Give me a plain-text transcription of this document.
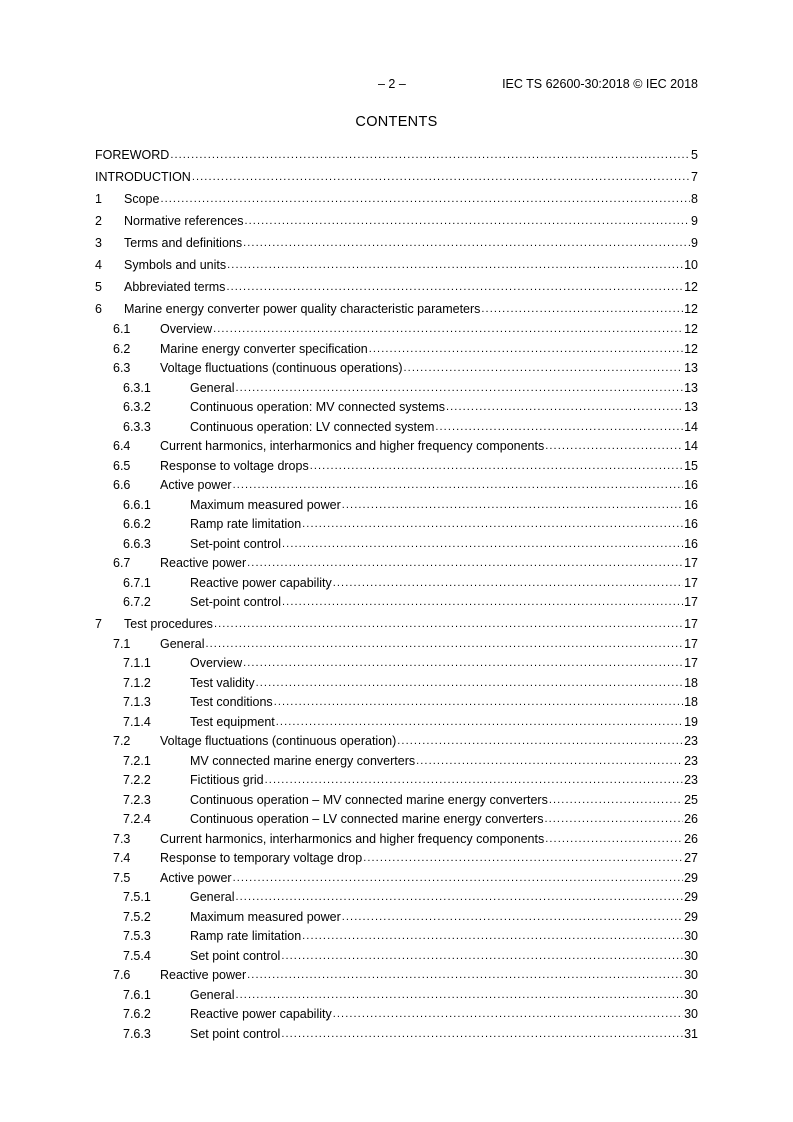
– 2 –	IEC TS 62600-30:2018 © IEC 2018
CONTENTS
FOREWORD .....	5
INTRODUCTION .....	7
1 Scope .....	8
2 Normative references .....	9
3 Terms and definitions .....	9
4 Symbols and units .....	10
5 Abbreviated terms .....	12
6 Marine energy converter power quality characteristic parameters .....	12
6.1 Overview .....	12
6.2 Marine energy converter specification .....	12
6.3 Voltage fluctuations (continuous operations) .....	13
6.3.1	General .....	13
6.3.2	Continuous operation: MV connected systems .....	13
6.3.3	Continuous operation: LV connected system .....	14
6.4 Current harmonics, interharmonics and higher frequency components .....	14
6.5 Response to voltage drops .....	15
6.6 Active power .....	16
6.6.1	Maximum measured power .....	16
6.6.2	Ramp rate limitation .....	16
6.6.3	Set-point control .....	16
6.7 Reactive power .....	17
6.7.1	Reactive power capability .....	17
6.7.2	Set-point control .....	17
7 Test procedures .....	17
7.1 General .....	17
7.1.1	Overview .....	17
7.1.2	Test validity .....	18
7.1.3	Test conditions .....	18
7.1.4	Test equipment .....	19
7.2 Voltage fluctuations (continuous operation) .....	23
7.2.1	MV connected marine energy converters .....	23
7.2.2	Fictitious grid .....	23
7.2.3	Continuous operation – MV connected marine energy converters .....	25
7.2.4	Continuous operation – LV connected marine energy converters .....	26
7.3 Current harmonics, interharmonics and higher frequency components .....	26
7.4 Response to temporary voltage drop .....	27
7.5 Active power .....	29
7.5.1	General .....	29
7.5.2	Maximum measured power .....	29
7.5.3	Ramp rate limitation .....	30
7.5.4	Set point control .....	30
7.6 Reactive power .....	30
7.6.1	General .....	30
7.6.2	Reactive power capability .....	30
7.6.3	Set point control .....	31
